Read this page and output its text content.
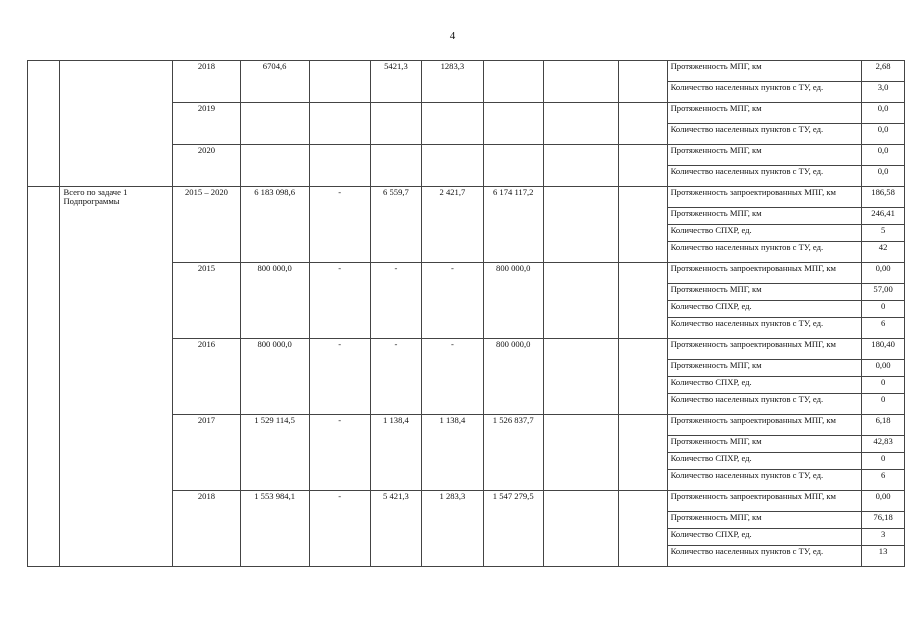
4
		2018	6704,6		5421,3	1283,3				Протяженность МПГ, км	2,68
										Количество населенных пунктов с ТУ, ед.	3,0
		2019								Протяженность МПГ, км	0,0
										Количество населенных пунктов с ТУ, ед.	0,0
		2020								Протяженность МПГ, км	0,0
										Количество населенных пунктов с ТУ, ед.	0,0
	Всего по задаче 1 Подпрограммы	2015 – 2020	6 183 098,6	-	6 559,7	2 421,7	6 174 117,2			Протяженность запроектированных МПГ, км	186,58
										Протяженность МПГ, км	246,41
										Количество СПХР, ед.	5
										Количество населенных пунктов с ТУ, ед.	42
		2015	800 000,0	-	-	-	800 000,0			Протяженность запроектированных МПГ, км	0,00
										Протяженность МПГ, км	57,00
										Количество СПХР, ед.	0
										Количество населенных пунктов с ТУ, ед.	6
		2016	800 000,0	-	-	-	800 000,0			Протяженность запроектированных МПГ, км	180,40
										Протяженность МПГ, км	0,00
										Количество СПХР, ед.	0
										Количество населенных пунктов с ТУ, ед.	0
		2017	1 529 114,5	-	1 138,4	1 138,4	1 526 837,7			Протяженность запроектированных МПГ, км	6,18
										Протяженность МПГ, км	42,83
										Количество СПХР, ед.	0
										Количество населенных пунктов с ТУ, ед.	6
		2018	1 553 984,1	-	5 421,3	1 283,3	1 547 279,5			Протяженность запроектированных МПГ, км	0,00
										Протяженность МПГ, км	76,18
										Количество СПХР, ед.	3
										Количество населенных пунктов с ТУ, ед.	13
